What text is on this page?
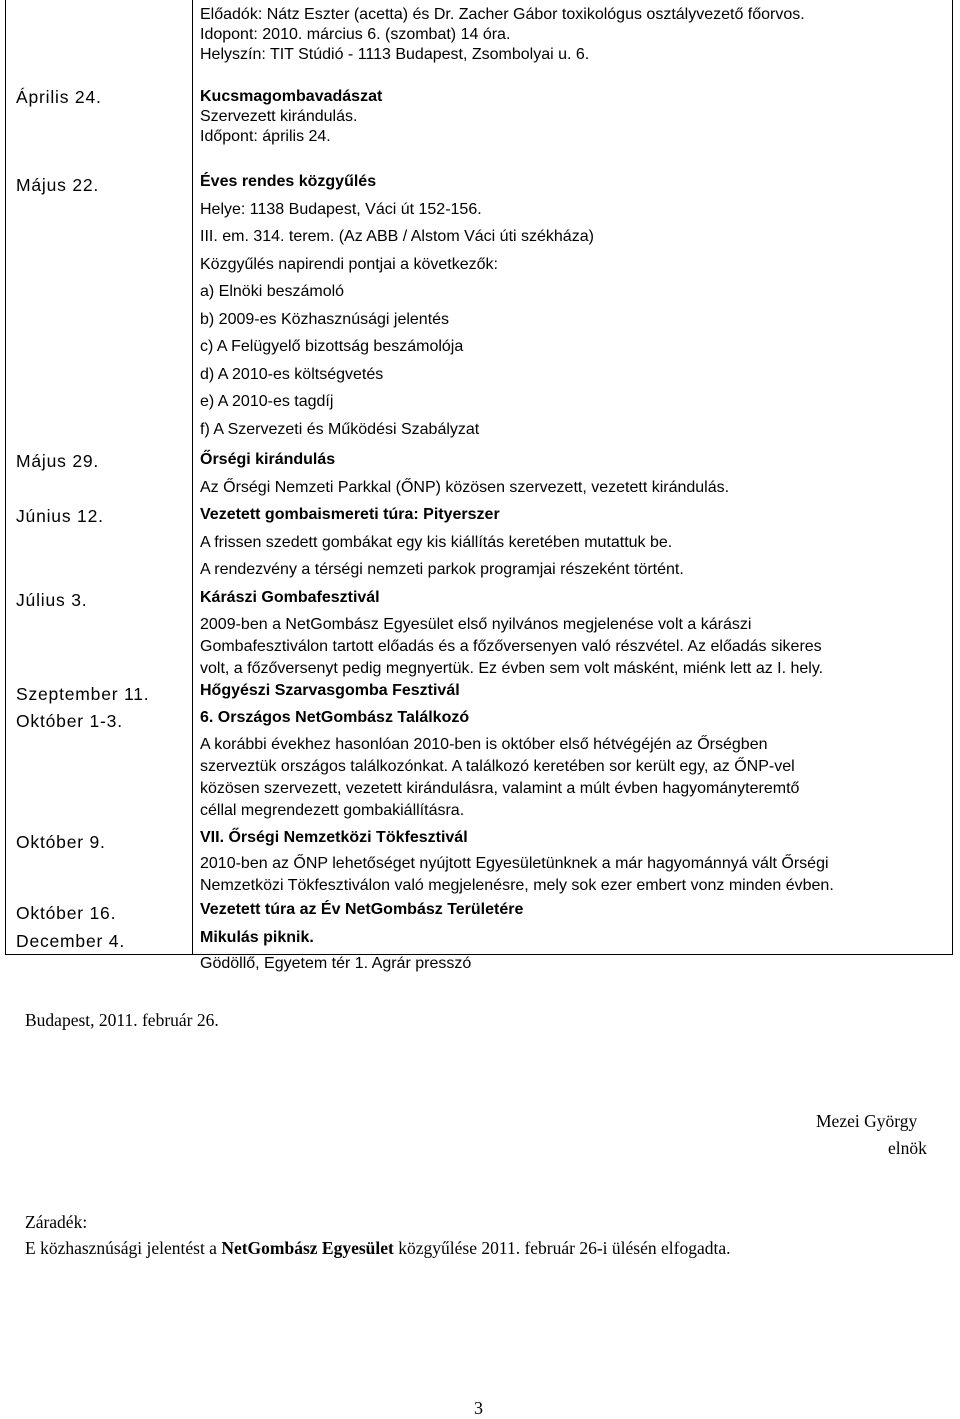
Előadók: Nátz Eszter (acetta) és Dr. Zacher Gábor toxikológus osztályvezető főorvos.
Idopont: 2010. március 6. (szombat) 14 óra.
Helyszín: TIT Stúdió - 1113 Budapest, Zsombolyai u. 6.
Április 24.	Kucsmagombavadászat
Szervezett kirándulás.
Időpont: április 24.
Május 22.	Éves rendes közgyűlés
Helye: 1138 Budapest, Váci út 152-156.
III. em. 314. terem. (Az ABB / Alstom Váci úti székháza)
Közgyűlés napirendi pontjai a következők:
a) Elnöki beszámoló
b) 2009-es Közhasznúsági jelentés
c) A Felügyelő bizottság beszámolója
d) A 2010-es költségvetés
e) A 2010-es tagdíj
f) A Szervezeti és Működési Szabályzat
Május 29.	Őrségi kirándulás
Az Őrségi Nemzeti Parkkal (ŐNP) közösen szervezett, vezetett kirándulás.
Június 12.	Vezetett gombaismereti túra: Pityerszer
A frissen szedett gombákat egy kis kiállítás keretében mutattuk be.
A rendezvény a térségi nemzeti parkok programjai részeként történt.
Július 3.	Kárászi Gombafesztivál
2009-ben a NetGombász Egyesület első nyilvános megjelenése volt a kárászi
Gombafesztiválon tartott előadás és a főzőversenyen való részvétel. Az előadás sikeres
volt, a főzőversenyt pedig megnyertük. Ez évben sem volt másként, miénk lett az I. hely.
Szeptember 11.	Hőgyészi Szarvasgomba Fesztivál
Október 1-3.	6. Országos NetGombász Találkozó
A korábbi évekhez hasonlóan 2010-ben is október első hétvégéjén az Őrségben
szerveztük országos találkozónkat. A találkozó keretében sor került egy, az ŐNP-vel
közösen szervezett, vezetett kirándulásra, valamint a múlt évben hagyományteremtő
céllal megrendezett gombakiállításra.
Október 9.	VII. Őrségi Nemzetközi Tökfesztivál
2010-ben az ŐNP lehetőséget nyújtott Egyesületünknek a már hagyománnyá vált Őrségi
Nemzetközi Tökfesztiválon való megjelenésre, mely sok ezer embert vonz minden évben.
Október 16.	Vezetett túra az Év NetGombász Területére
December 4.	Mikulás piknik.
Gödöllő, Egyetem tér 1. Agrár presszó
Budapest, 2011. február 26.
Mezei György
elnök
Záradék:
E közhasznúsági jelentést a NetGombász Egyesület közgyűlése 2011. február 26-i ülésén elfogadta.
3
